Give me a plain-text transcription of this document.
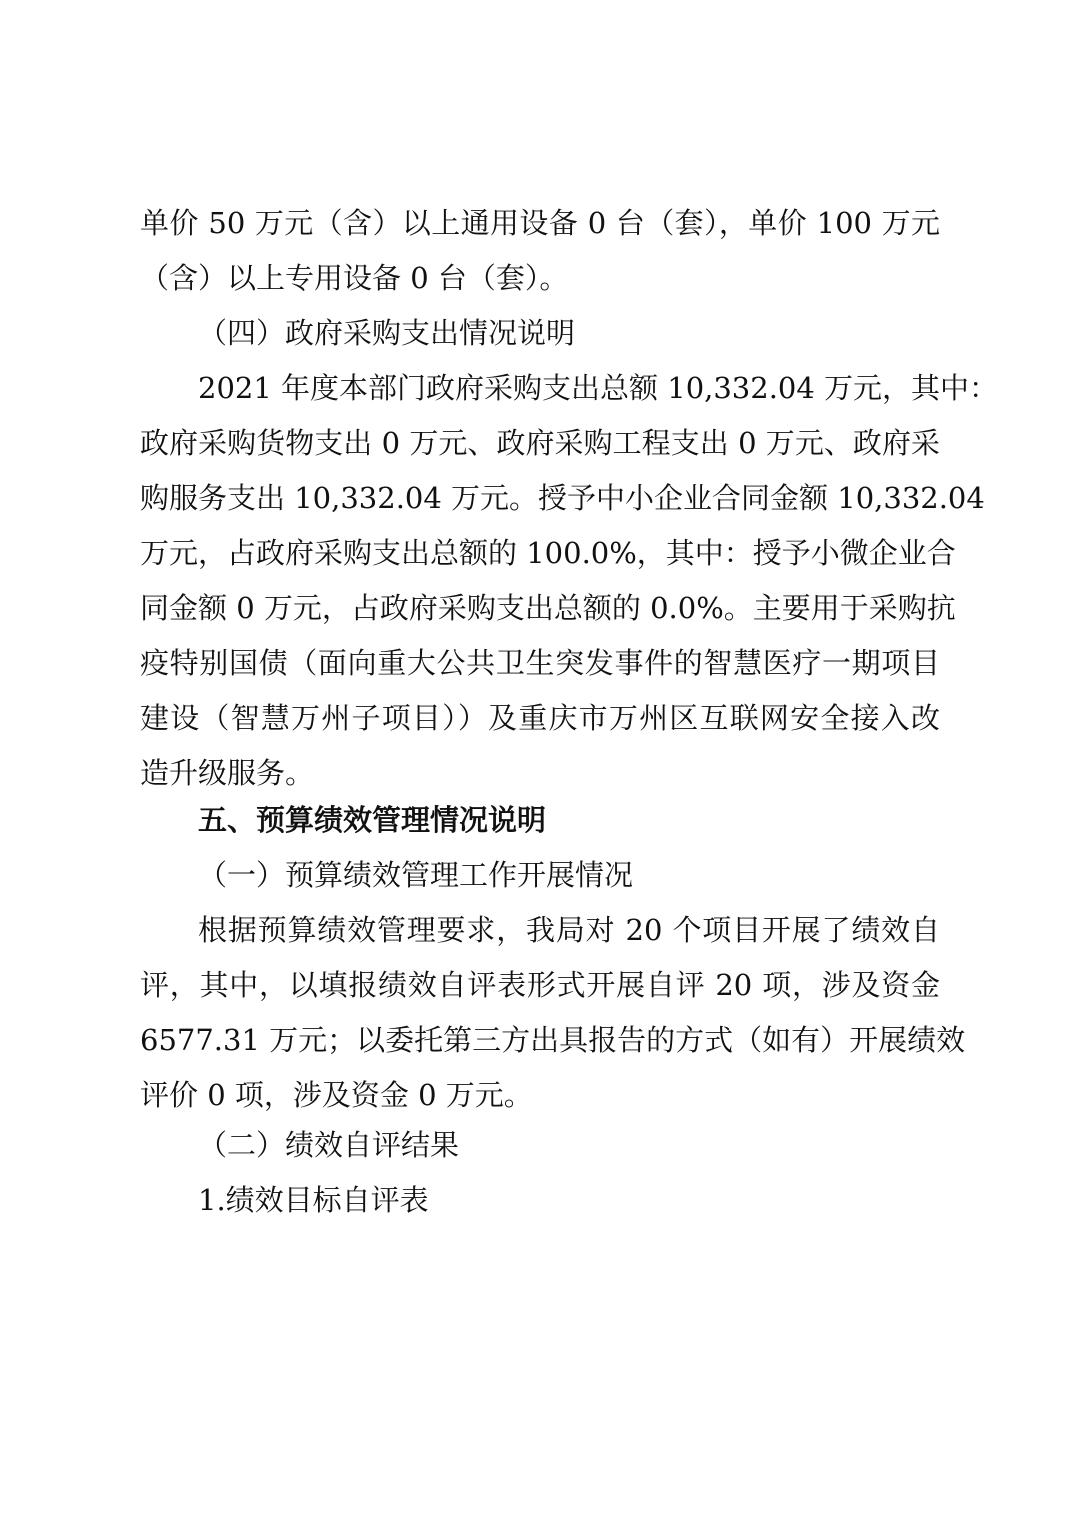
单价 50 万元（含）以上通用设备 0 台（套），单价 100 万元
（含）以上专用设备 0 台（套）。
（四）政府采购支出情况说明
2021 年度本部门政府采购支出总额 10,332.04 万元，其中：
政府采购货物支出 0 万元、政府采购工程支出 0 万元、政府采
购服务支出 10,332.04 万元。授予中小企业合同金额 10,332.04
万元，占政府采购支出总额的 100.0%，其中：授予小微企业合
同金额 0 万元，占政府采购支出总额的 0.0%。主要用于采购抗
疫特别国债（面向重大公共卫生突发事件的智慧医疗一期项目
建设（智慧万州子项目））及重庆市万州区互联网安全接入改
造升级服务。
五、预算绩效管理情况说明
（一）预算绩效管理工作开展情况
根据预算绩效管理要求，我局对 20 个项目开展了绩效自
评，其中，以填报绩效自评表形式开展自评 20 项，涉及资金
6577.31 万元；以委托第三方出具报告的方式（如有）开展绩效
评价 0 项，涉及资金 0 万元。
（二）绩效自评结果
1.绩效目标自评表
